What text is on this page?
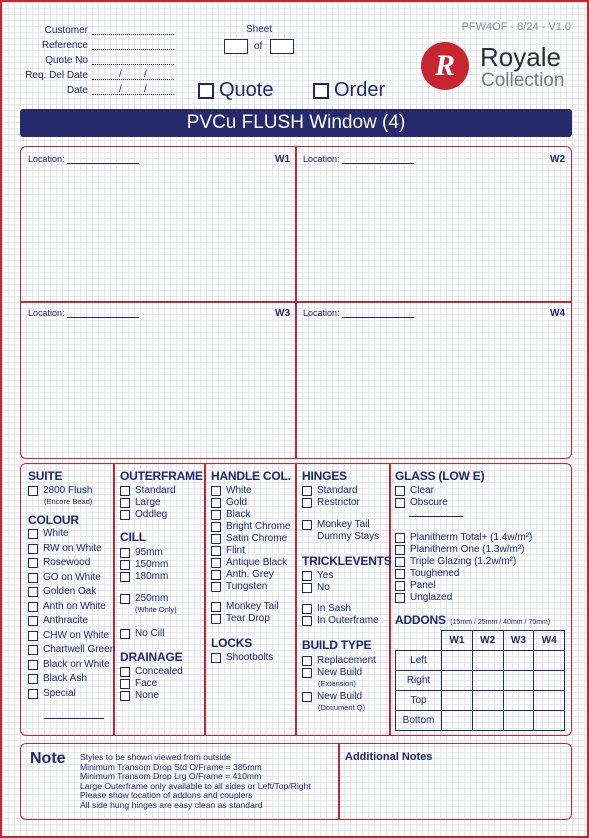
Customer
Reference
Quote No
Req. Del Date	/ /
Date	/ /
Sheet
of
Quote	Order
PFW4OF - 8/24 - V1.0
R Royale
Collection
PVCu FLUSH Window (4)
Location:	W1 Location:	W2
Location:	W3 Location:	W4
SUITE
2800 Flush
(Encore Bead)
COLOUR
White
RW on White
Rosewood
GO on White
Golden Oak
Anth on White
Anthracite
CHW on White
Chartwell Green
Black on White
Black Ash
Special
OUTERFRAME
Standard
Large
Oddleg
CILL
95mm
150mm
180mm
250mm
(White Only)
No Cill
DRAINAGE
Concealed
Face
None
HANDLE COL.
White
Gold
Black
Bright Chrome
Satin Chrome
Flint
Antique Black
Anth. Grey
Tungsten
Monkey Tail
Tear Drop
LOCKS
Shootbolts
HINGES
Standard
Restrictor
Monkey Tail
Dummy Stays
TRICKLEVENTS
Yes
No
In Sash
In Outerframe
BUILD TYPE
Replacement
New Build
(Extension)
New Build
(Document Q)
GLASS (LOW E)
Clear
Obscure
Planitherm Total+ (1.4w/m²)
Planitherm One (1.3w/m²)
Triple Glazing (1.2w/m²)
Toughened
Panel
Unglazed
ADDONS (15mm / 25mm / 40mm / 70mm)
	W1	W2	W3	W4
Left				
Right				
Top				
Bottom				
Note Styles to be shown viewed from outside
Minimum Transom Drop Std O/Frame = 385mm
Minimum Transom Drop Lrg O/Frame = 410mm
Large Outerframe only available to all sides or Left/Top/Right
Please show location of addons and couplers
All side hung hinges are easy clean as standard
Additional Notes
